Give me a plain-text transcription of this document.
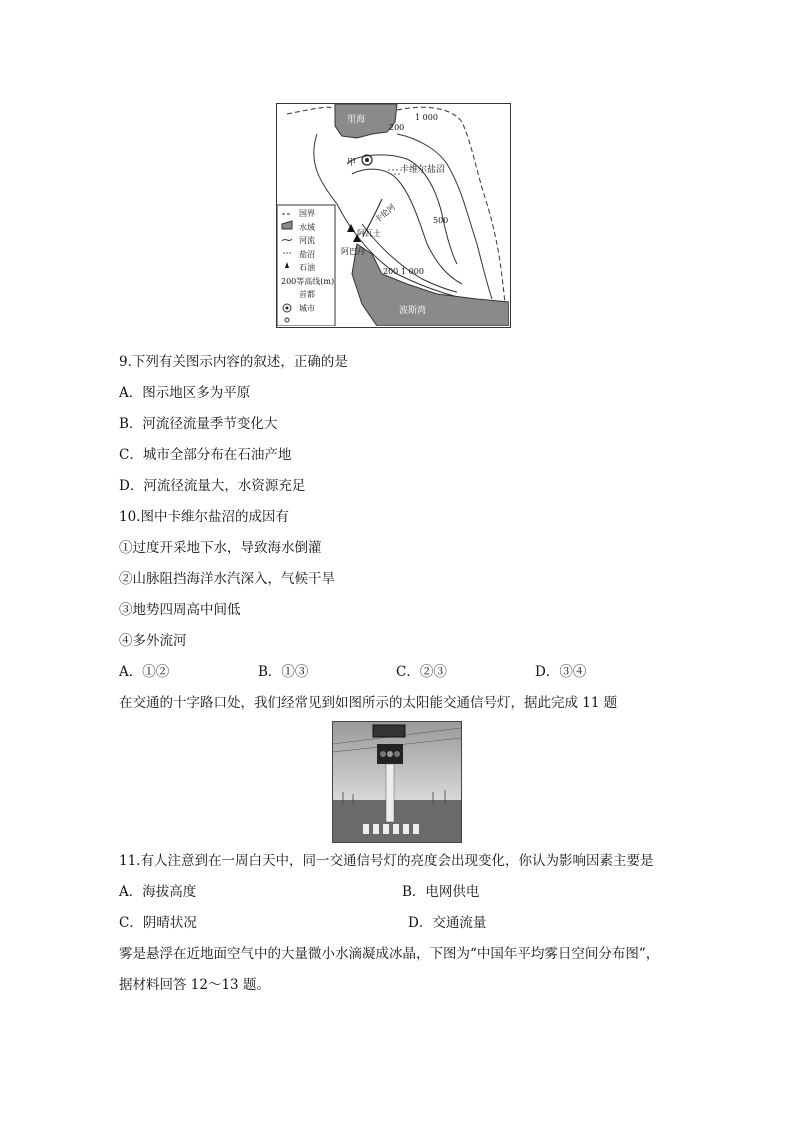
里海
甲
卡维尔盐沼
卡伦河
阿瓦士
阿巴丹
波斯湾
200
1 000
500
200 1 000
国界
水域
河流
盐沼
石油
200等高线(m)
首都
城市
9.下列有关图示内容的叙述，正确的是
A．图示地区多为平原
B．河流径流量季节变化大
C．城市全部分布在石油产地
D．河流径流量大，水资源充足
10.图中卡维尔盐沼的成因有
①过度开采地下水，导致海水倒灌
②山脉阻挡海洋水汽深入，气候干旱
③地势四周高中间低
④多外流河
A．①②	B．①③	C．②③	D．③④
在交通的十字路口处，我们经常见到如图所示的太阳能交通信号灯，据此完成 11 题
11.有人注意到在一周白天中，同一交通信号灯的亮度会出现变化，你认为影响因素主要是
A．海拔高度	B．电网供电
C．阴晴状况	D．交通流量
雾是悬浮在近地面空气中的大量微小水滴凝成冰晶，下图为“中国年平均雾日空间分布图”，
据材料回答 12～13 题。
